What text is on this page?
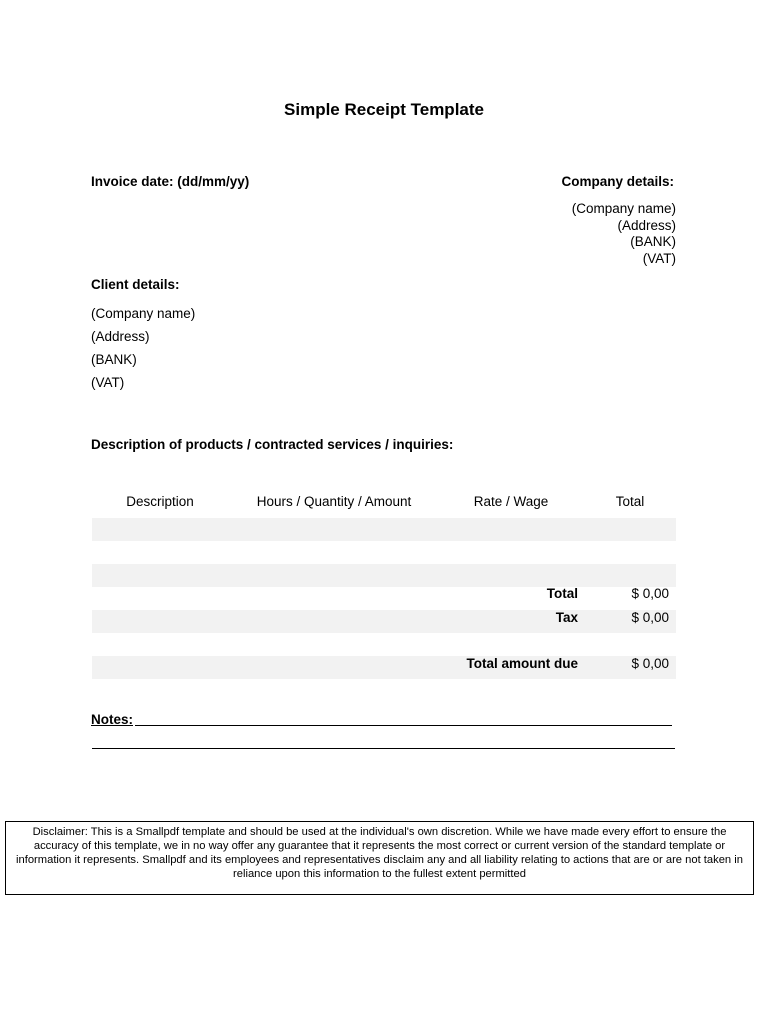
Simple Receipt Template
Invoice date: (dd/mm/yy)	Company details:
(Company name)
(Address)
(BANK)
(VAT)
Client details:
(Company name)
(Address)
(BANK)
(VAT)
Description of products / contracted services / inquiries:
Description	Hours / Quantity / Amount	Rate / Wage	Total
Total	$ 0,00
Tax	$ 0,00
Total amount due	$ 0,00
Notes:
Disclaimer: This is a Smallpdf template and should be used at the individual's own discretion. While we have made every effort to ensure the accuracy of this template, we in no way offer any guarantee that it represents the most correct or current version of the standard template or information it represents. Smallpdf and its employees and representatives disclaim any and all liability relating to actions that are or are not taken in reliance upon this information to the fullest extent permitted
